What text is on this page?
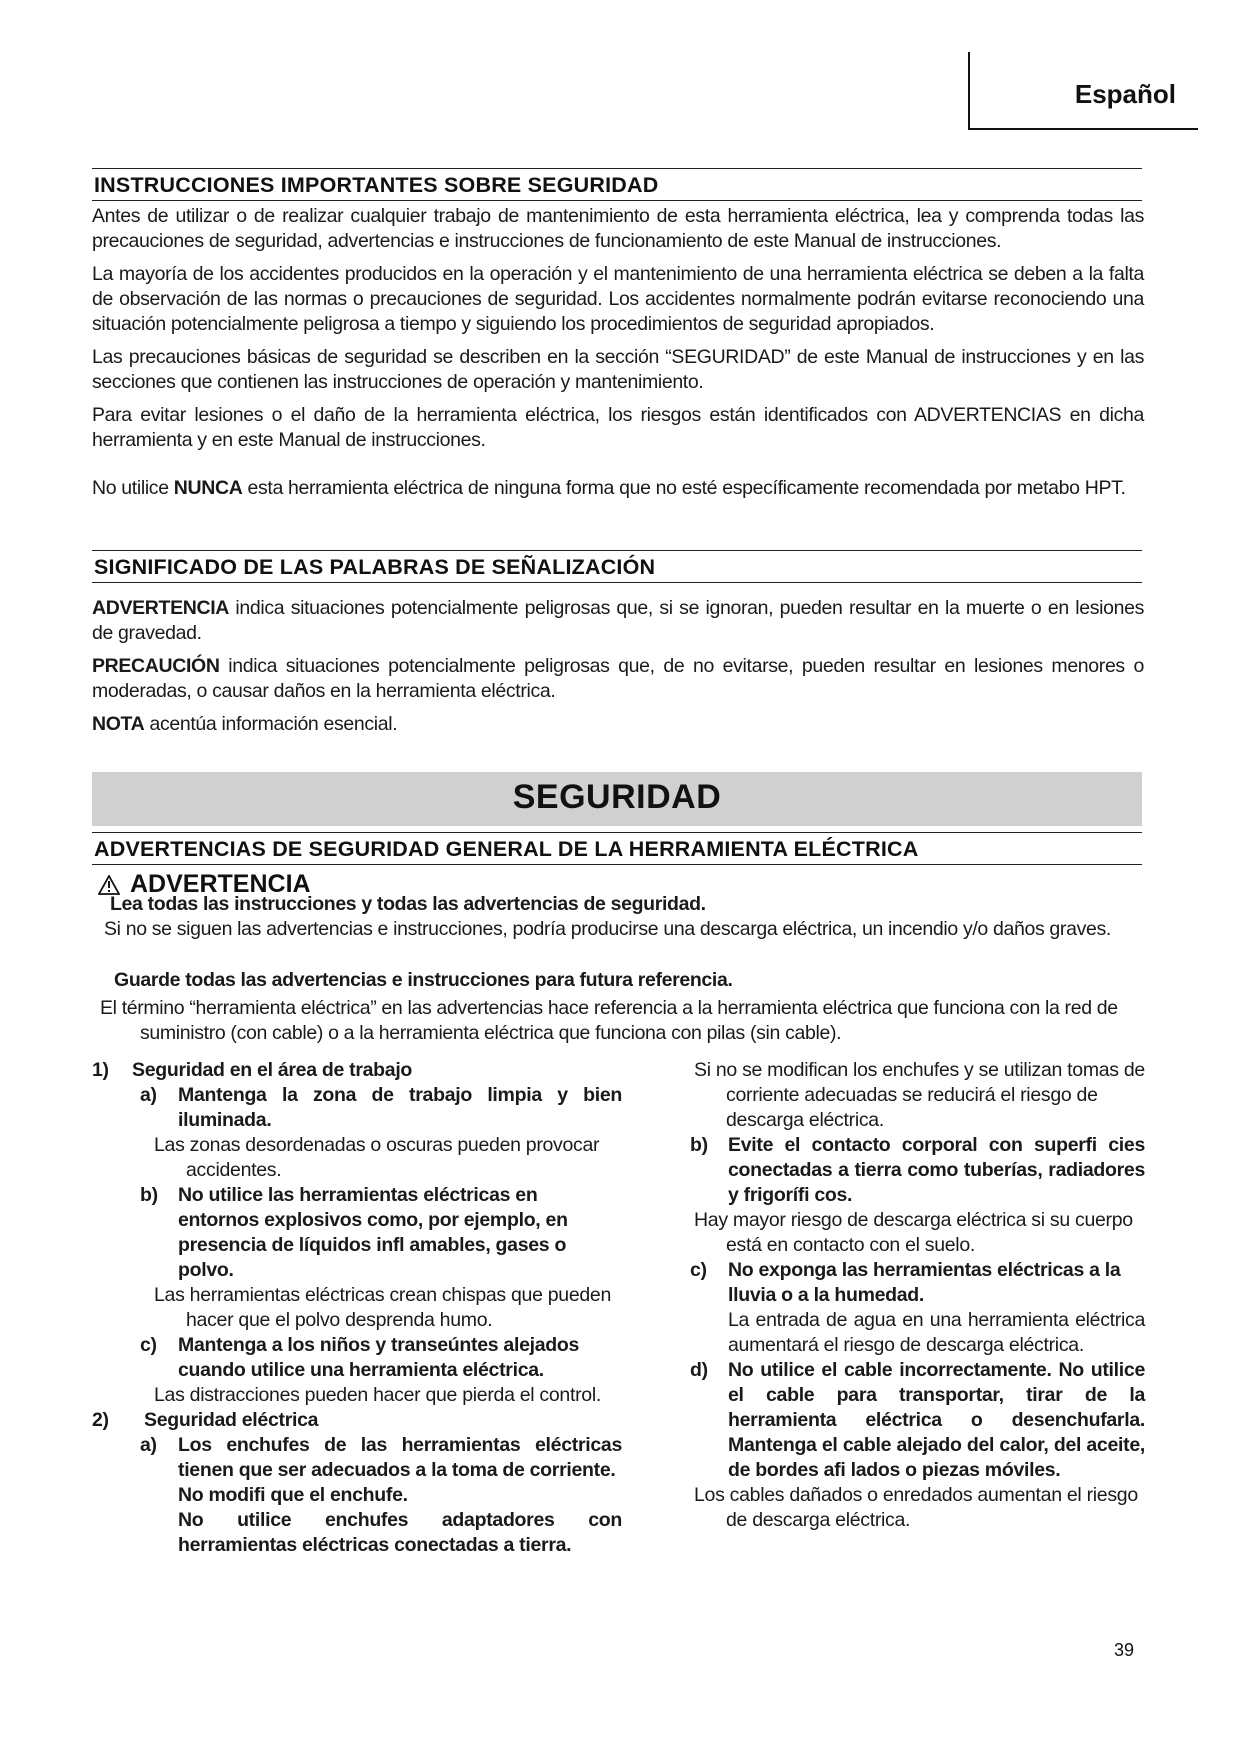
Español
INSTRUCCIONES IMPORTANTES SOBRE SEGURIDAD

Antes de utilizar o de realizar cualquier trabajo de mantenimiento de esta herramienta eléctrica, lea y comprenda todas las precauciones de seguridad, advertencias e instrucciones de funcionamiento de este Manual de instrucciones.

La mayoría de los accidentes producidos en la operación y el mantenimiento de una herramienta eléctrica se deben a la falta de observación de las normas o precauciones de seguridad. Los accidentes normalmente podrán evitarse reconociendo una situación potencialmente peligrosa a tiempo y siguiendo los procedimientos de seguridad apropiados.

Las precauciones básicas de seguridad se describen en la sección “SEGURIDAD” de este Manual de instrucciones y en las secciones que contienen las instrucciones de operación y mantenimiento.

Para evitar lesiones o el daño de la herramienta eléctrica, los riesgos están identificados con ADVERTENCIAS en dicha herramienta y en este Manual de instrucciones.

No utilice NUNCA esta herramienta eléctrica de ninguna forma que no esté específicamente recomendada por metabo HPT.

SIGNIFICADO DE LAS PALABRAS DE SEÑALIZACIÓN

ADVERTENCIA indica situaciones potencialmente peligrosas que, si se ignoran, pueden resultar en la muerte o en lesiones de gravedad.

PRECAUCIÓN indica situaciones potencialmente peligrosas que, de no evitarse, pueden resultar en lesiones menores o moderadas, o causar daños en la herramienta eléctrica.

NOTA acentúa información esencial.

SEGURIDAD
ADVERTENCIAS DE SEGURIDAD GENERAL DE LA HERRAMIENTA ELÉCTRICA
ADVERTENCIA

Lea todas las instrucciones y todas las advertencias de seguridad.

Si no se siguen las advertencias e instrucciones, podría producirse una descarga eléctrica, un incendio y/o daños graves.

Guarde todas las advertencias e instrucciones para futura referencia.

El término “herramienta eléctrica” en las advertencias hace referencia a la herramienta eléctrica que funciona con la red de suministro (con cable) o a la herramienta eléctrica que funciona con pilas (sin cable).

1)	Seguridad en el área de trabajo
a)	Mantenga la zona de trabajo limpia y bien iluminada.
Las zonas desordenadas o oscuras pueden provocar accidentes.
b)	No utilice las herramientas eléctricas en entornos explosivos como, por ejemplo, en presencia de líquidos infl amables, gases o polvo.
Las herramientas eléctricas crean chispas que pueden hacer que el polvo desprenda humo.
c)	Mantenga a los niños y transeúntes alejados cuando utilice una herramienta eléctrica.
Las distracciones pueden hacer que pierda el control.
2)	Seguridad eléctrica
a)	Los enchufes de las herramientas eléctricas tienen que ser adecuados a la toma de corriente.
No modifi que el enchufe.
No utilice enchufes adaptadores con herramientas eléctricas conectadas a tierra.
Si no se modifican los enchufes y se utilizan tomas de corriente adecuadas se reducirá el riesgo de descarga eléctrica.
b)	Evite el contacto corporal con superfi cies conectadas a tierra como tuberías, radiadores y frigorífi cos.
Hay mayor riesgo de descarga eléctrica si su cuerpo está en contacto con el suelo.
c)	No exponga las herramientas eléctricas a la lluvia o a la humedad.
La entrada de agua en una herramienta eléctrica aumentará el riesgo de descarga eléctrica.
d)	No utilice el cable incorrectamente. No utilice el cable para transportar, tirar de la herramienta eléctrica o desenchufarla. Mantenga el cable alejado del calor, del aceite, de bordes afi lados o piezas móviles.
Los cables dañados o enredados aumentan el riesgo de descarga eléctrica.
39
